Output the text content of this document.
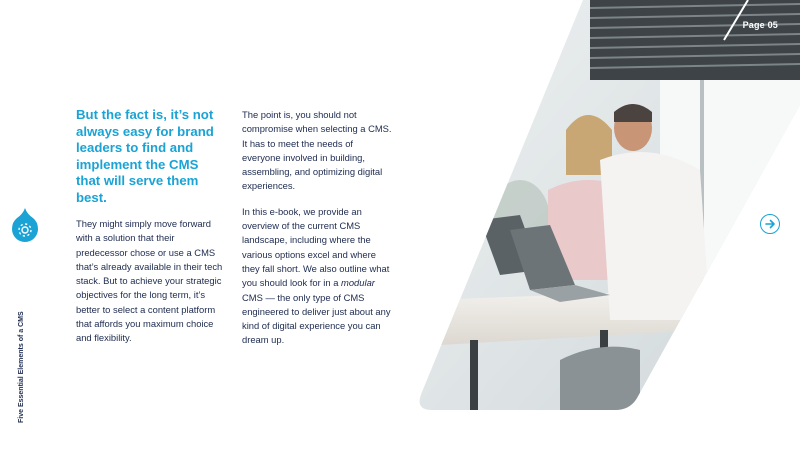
Page 05
Five Essential Elements of a CMS
But the fact is, it’s not always easy for brand leaders to find and implement the CMS that will serve them best.

They might simply move forward with a solution that their predecessor chose or use a CMS that’s already available in their tech stack. But to achieve your strategic objectives for the long term, it’s better to select a content platform that affords you maximum choice and flexibility.

The point is, you should not compromise when selecting a CMS. It has to meet the needs of everyone involved in building, assembling, and optimizing digital experiences.

In this e-book, we provide an overview of the current CMS landscape, including where the various options excel and where they fall short. We also outline what you should look for in a modular CMS — the only type of CMS engineered to deliver just about any kind of digital experience you can dream up.
